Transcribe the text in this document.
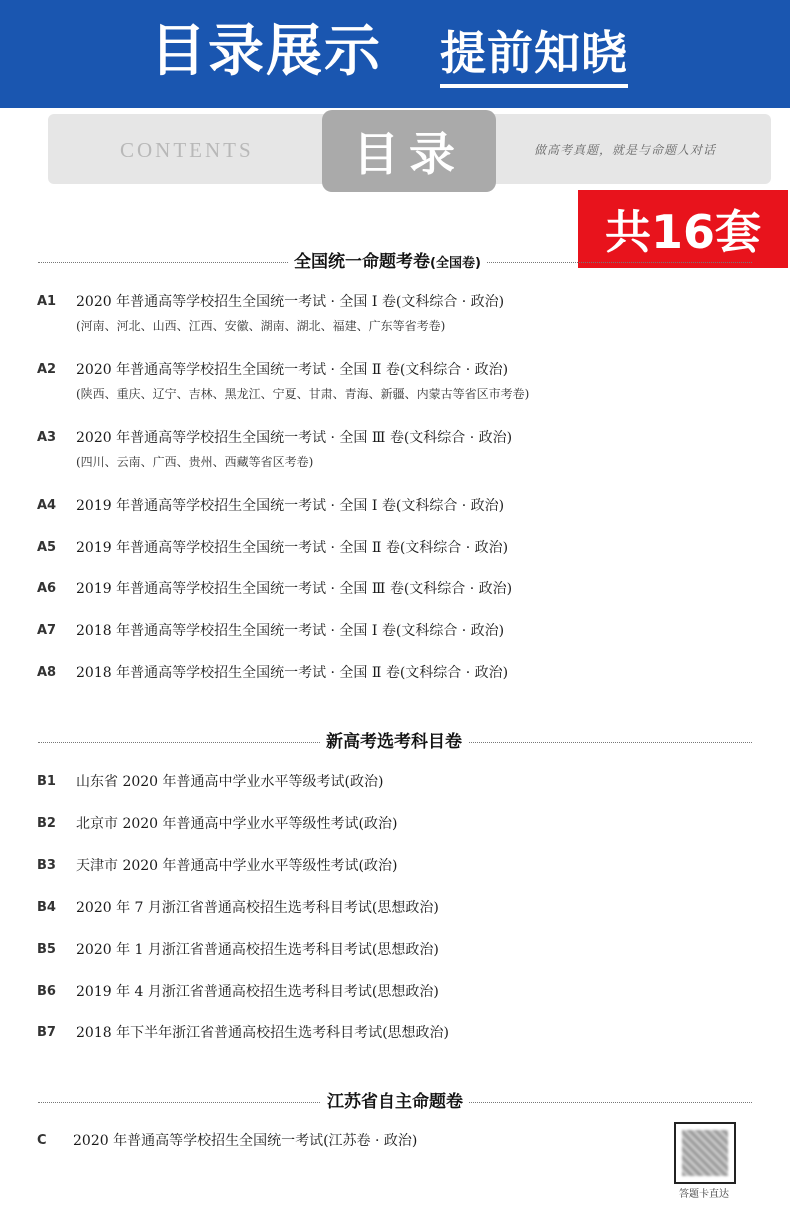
目录展示 提前知晓
CONTENTS	目录	做高考真题，就是与命题人对话
共16套
全国统一命题考卷(全国卷)
A1 2020 年普通高等学校招生全国统一考试 · 全国 Ⅰ 卷(文科综合 · 政治)
(河南、河北、山西、江西、安徽、湖南、湖北、福建、广东等省考卷)
A2 2020 年普通高等学校招生全国统一考试 · 全国 Ⅱ 卷(文科综合 · 政治)
(陕西、重庆、辽宁、吉林、黑龙江、宁夏、甘肃、青海、新疆、内蒙古等省区市考卷)
A3 2020 年普通高等学校招生全国统一考试 · 全国 Ⅲ 卷(文科综合 · 政治)
(四川、云南、广西、贵州、西藏等省区考卷)
A4 2019 年普通高等学校招生全国统一考试 · 全国 Ⅰ 卷(文科综合 · 政治)
A5 2019 年普通高等学校招生全国统一考试 · 全国 Ⅱ 卷(文科综合 · 政治)
A6 2019 年普通高等学校招生全国统一考试 · 全国 Ⅲ 卷(文科综合 · 政治)
A7 2018 年普通高等学校招生全国统一考试 · 全国 Ⅰ 卷(文科综合 · 政治)
A8 2018 年普通高等学校招生全国统一考试 · 全国 Ⅱ 卷(文科综合 · 政治)
新高考选考科目卷
B1 山东省 2020 年普通高中学业水平等级考试(政治)
B2 北京市 2020 年普通高中学业水平等级性考试(政治)
B3 天津市 2020 年普通高中学业水平等级性考试(政治)
B4 2020 年 7 月浙江省普通高校招生选考科目考试(思想政治)
B5 2020 年 1 月浙江省普通高校招生选考科目考试(思想政治)
B6 2019 年 4 月浙江省普通高校招生选考科目考试(思想政治)
B7 2018 年下半年浙江省普通高校招生选考科目考试(思想政治)
江苏省自主命题卷
C 2020 年普通高等学校招生全国统一考试(江苏卷 · 政治)
答题卡直达
